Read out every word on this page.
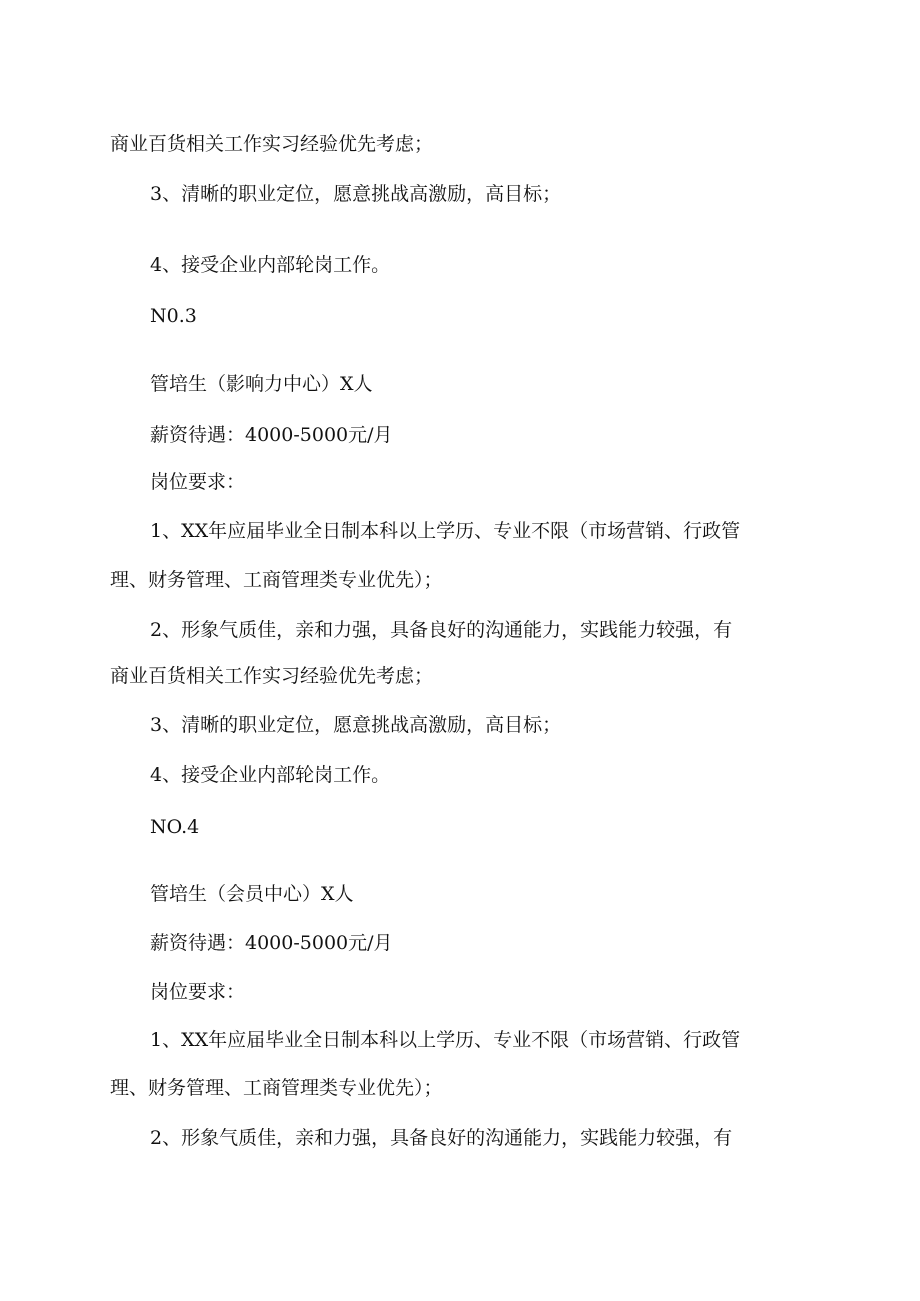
商业百货相关工作实习经验优先考虑；
3、清晰的职业定位，愿意挑战高激励，高目标；
4、接受企业内部轮岗工作。
N0.3
管培生（影响力中心）X人
薪资待遇：4000-5000元/月
岗位要求：
1、XX年应届毕业全日制本科以上学历、专业不限（市场营销、行政管
理、财务管理、工商管理类专业优先）；
2、形象气质佳，亲和力强，具备良好的沟通能力，实践能力较强，有
商业百货相关工作实习经验优先考虑；
3、清晰的职业定位，愿意挑战高激励，高目标；
4、接受企业内部轮岗工作。
NO.4
管培生（会员中心）X人
薪资待遇：4000-5000元/月
岗位要求：
1、XX年应届毕业全日制本科以上学历、专业不限（市场营销、行政管
理、财务管理、工商管理类专业优先）；
2、形象气质佳，亲和力强，具备良好的沟通能力，实践能力较强，有
